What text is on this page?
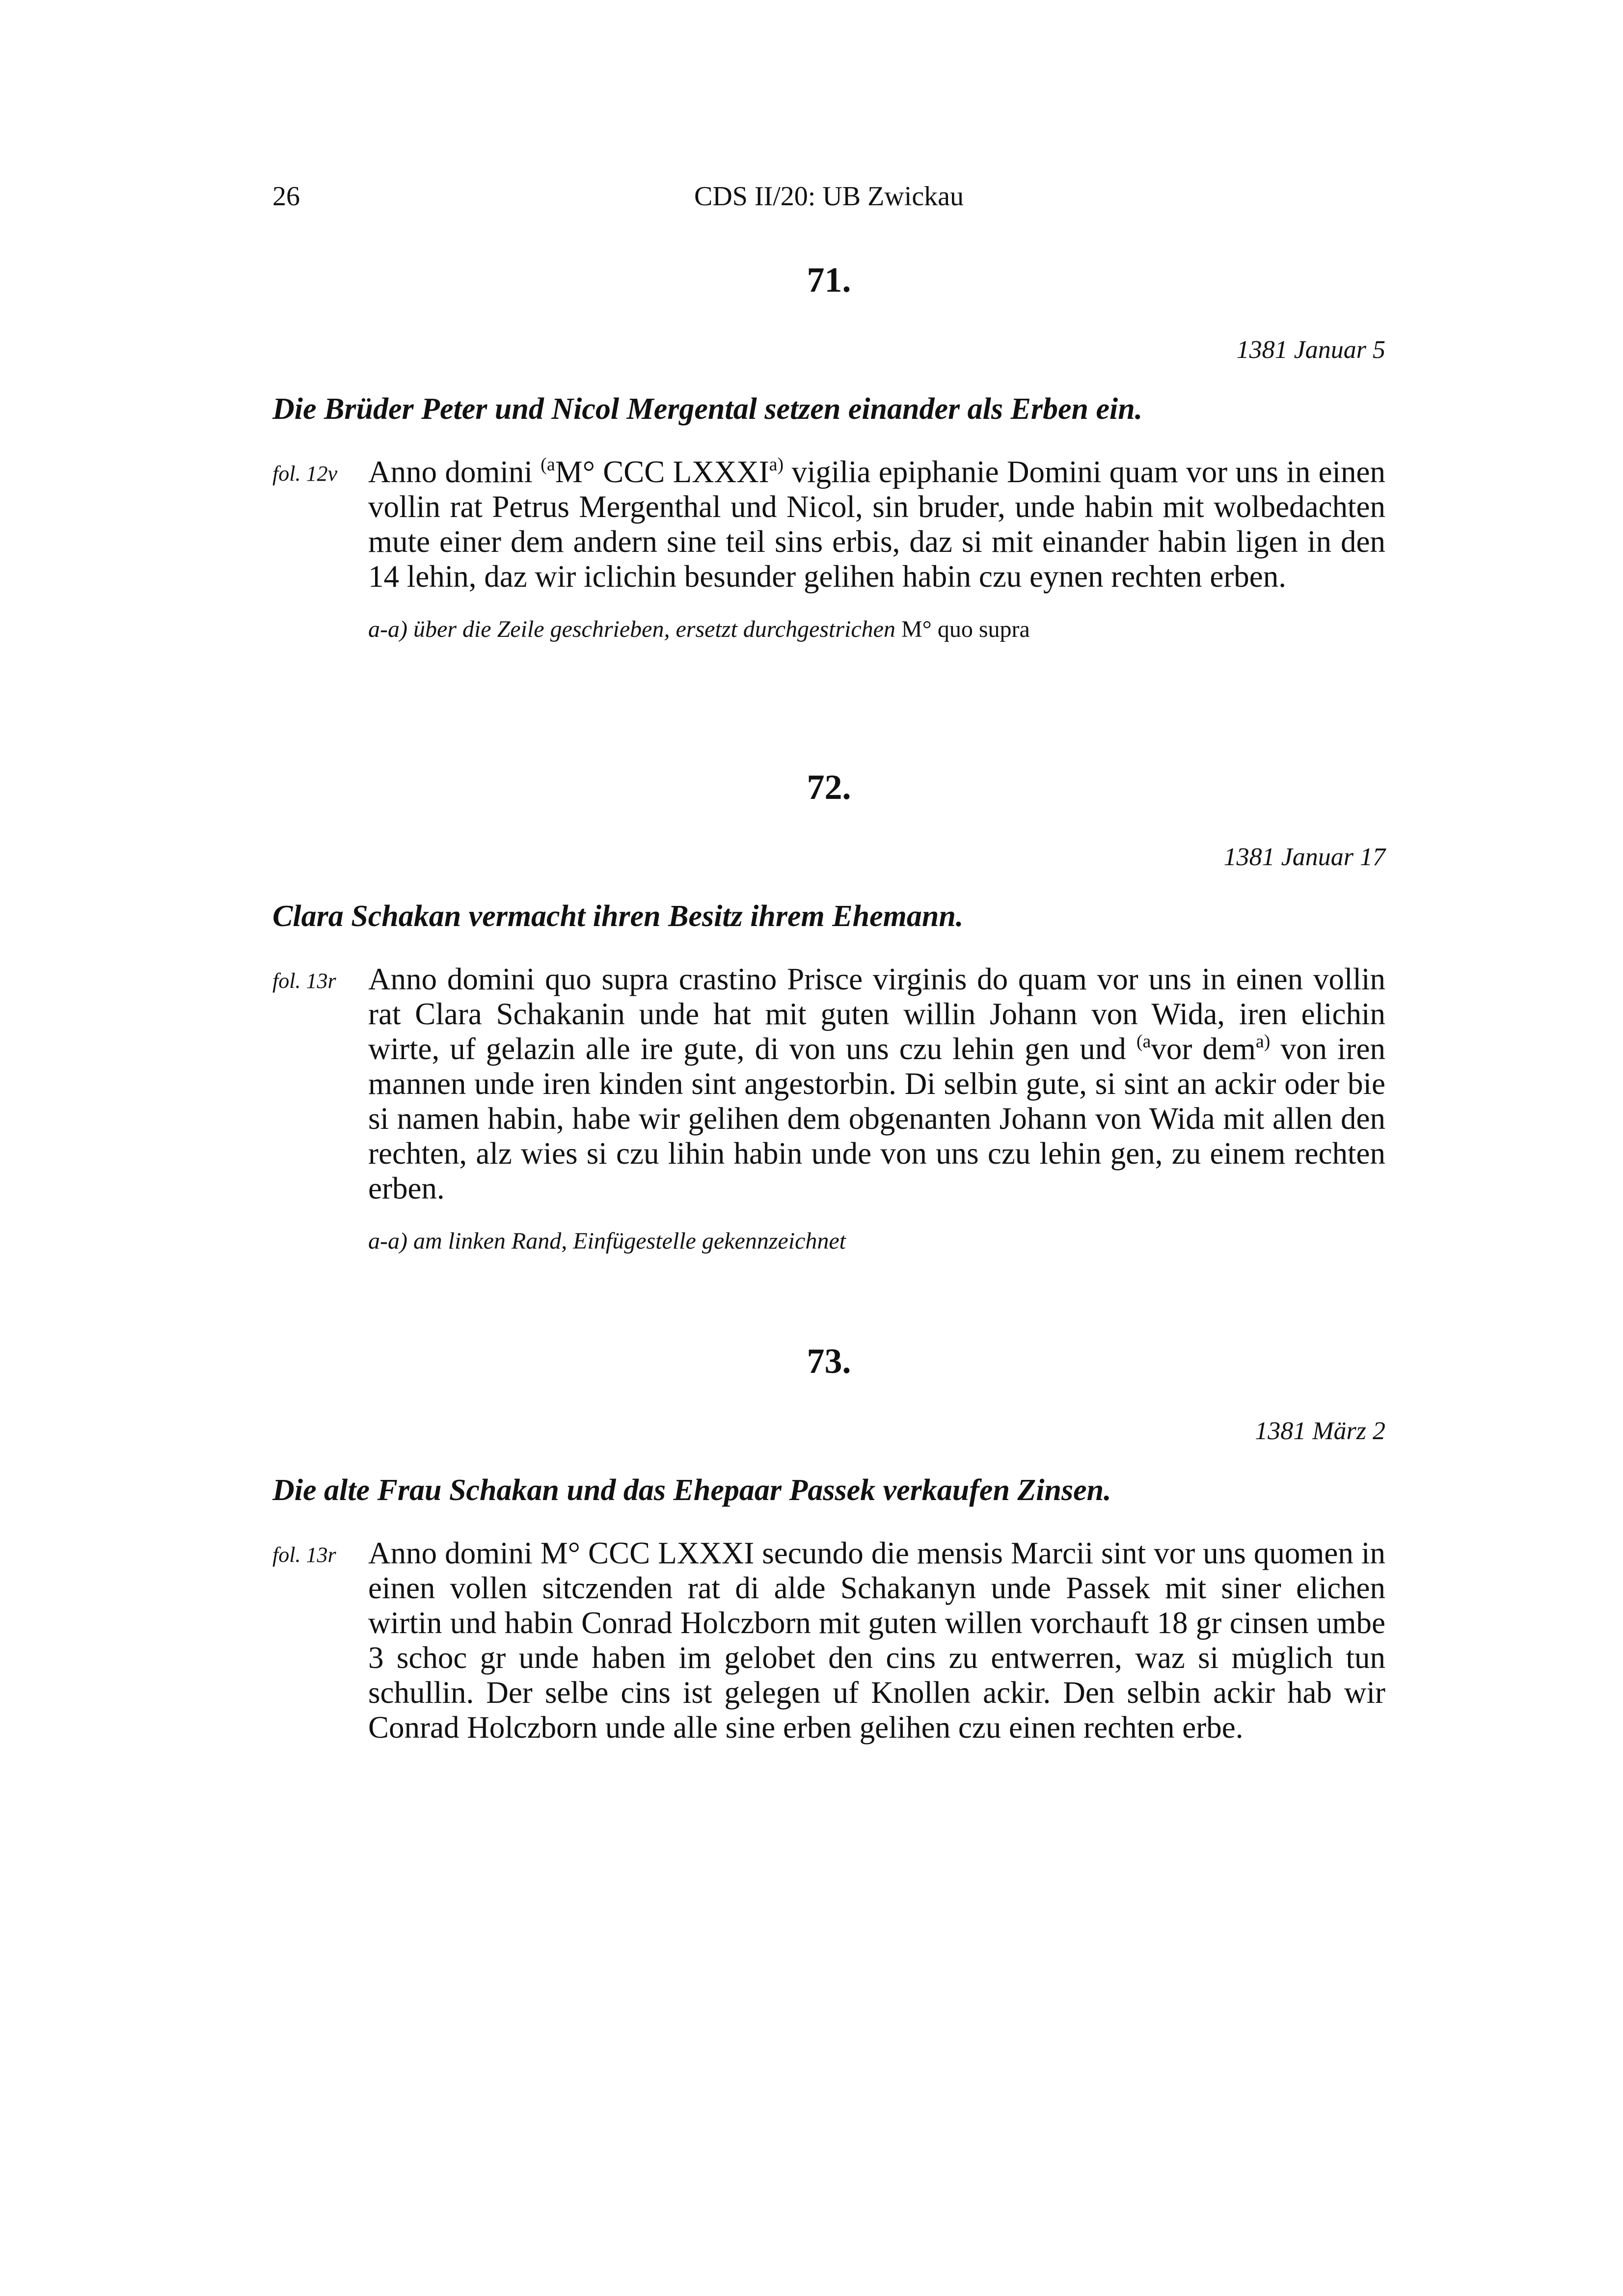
26	CDS II/20: UB Zwickau
71.
1381 Januar 5
Die Brüder Peter und Nicol Mergental setzen einander als Erben ein.
fol. 12v Anno domini $^{(a}$M° CCC LXXXI$^{a)}$ vigilia epiphanie Domini quam vor uns in einen vollin rat Petrus Mergenthal und Nicol, sin bruder, unde habin mit wolbedachten mute einer dem andern sine teil sins erbis, daz si mit einander habin ligen in den 14 lehin, daz wir iclichin besunder gelihen habin czu eynen rechten erben.

a-a) über die Zeile geschrieben, ersetzt durchgestrichen M° quo supra
72.
1381 Januar 17
Clara Schakan vermacht ihren Besitz ihrem Ehemann.
fol. 13r Anno domini quo supra crastino Prisce virginis do quam vor uns in einen vollin rat Clara Schakanin unde hat mit guten willin Johann von Wida, iren elichin wirte, uf gelazin alle ire gute, di von uns czu lehin gen und $^{(a}$vor dem$^{a)}$ von iren mannen unde iren kinden sint angestorbin. Di selbin gute, si sint an ackir oder bie si namen habin, habe wir gelihen dem obgenanten Johann von Wida mit allen den rechten, alz wies si czu lihin habin unde von uns czu lehin gen, zu einem rechten erben.

a-a) am linken Rand, Einfügestelle gekennzeichnet
73.
1381 März 2
Die alte Frau Schakan und das Ehepaar Passek verkaufen Zinsen.
fol. 13r Anno domini M° CCC LXXXI secundo die mensis Marcii sint vor uns quomen in einen vollen sitczenden rat di alde Schakanyn unde Passek mit siner elichen wirtin und habin Conrad Holczborn mit guten willen vorchauft 18 gr cinsen umbe 3 schoc gr unde haben im gelobet den cins zu entwerren, waz si mu̇glich tun schullin. Der selbe cins ist gelegen uf Knollen ackir. Den selbin ackir hab wir Conrad Holczborn unde alle sine erben gelihen czu einen rechten erbe.
